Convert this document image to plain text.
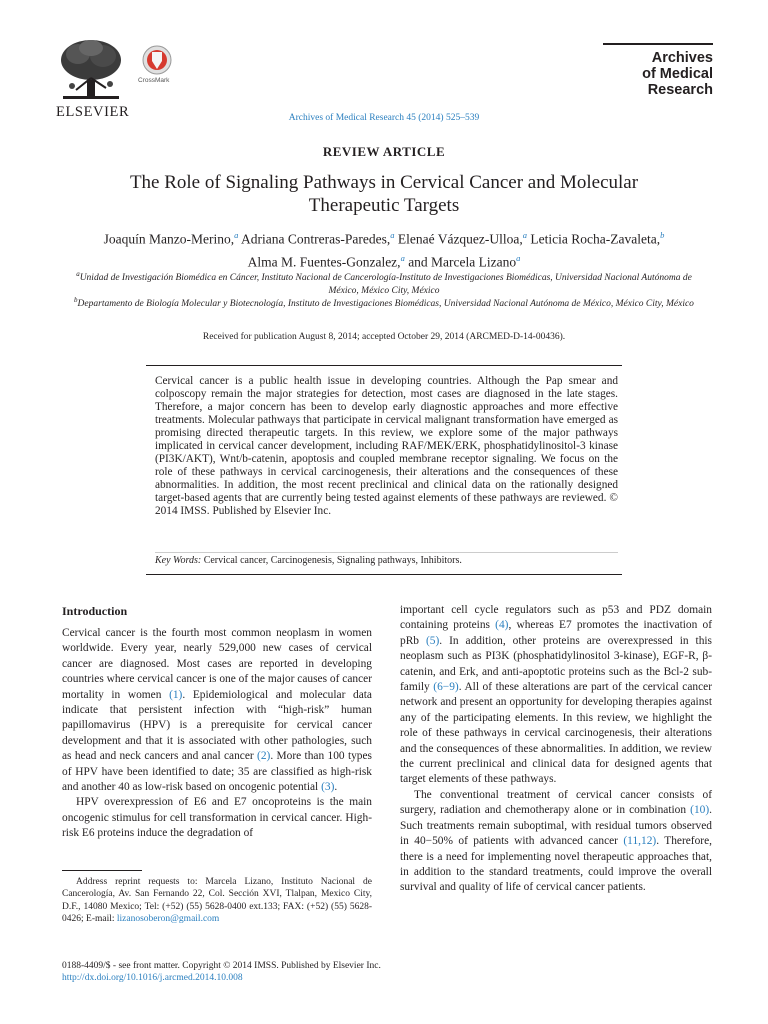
ELSEVIER
CrossMark
Archives of Medical Research 45 (2014) 525–539
Archives
of Medical
Research
REVIEW ARTICLE
The Role of Signaling Pathways in Cervical Cancer and Molecular
Therapeutic Targets
Joaquín Manzo-Merino,$^a$ Adriana Contreras-Paredes,$^a$ Elenaé Vázquez-Ulloa,$^a$ Leticia Rocha-Zavaleta,$^b$
Alma M. Fuentes-Gonzalez,$^a$ and Marcela Lizano$^a$
$^a$Unidad de Investigación Biomédica en Cáncer, Instituto Nacional de Cancerología-Instituto de Investigaciones Biomédicas, Universidad Nacional Autónoma de México, México City, México
$^b$Departamento de Biología Molecular y Biotecnología, Instituto de Investigaciones Biomédicas, Universidad Nacional Autónoma de México, México City, México
Received for publication August 8, 2014; accepted October 29, 2014 (ARCMED-D-14-00436).
Cervical cancer is a public health issue in developing countries. Although the Pap smear and colposcopy remain the major strategies for detection, most cases are diagnosed in the late stages. Therefore, a major concern has been to develop early diagnostic approaches and more effective treatments. Molecular pathways that participate in cervical malignant transformation have emerged as promising directed therapeutic targets. In this review, we explore some of the major pathways implicated in cervical cancer development, including RAF/MEK/ERK, phosphatidylinositol-3 kinase (PI3K/AKT), Wnt/b-catenin, apoptosis and coupled membrane receptor signaling. We focus on the role of these pathways in cervical carcinogenesis, their alterations and the consequences of these abnormalities. In addition, the most recent preclinical and clinical data on the rationally designed target-based agents that are currently being tested against elements of these pathways are reviewed. © 2014 IMSS. Published by Elsevier Inc.
Key Words: Cervical cancer, Carcinogenesis, Signaling pathways, Inhibitors.
Introduction

Cervical cancer is the fourth most common neoplasm in women worldwide. Every year, nearly 529,000 new cases of cervical cancer are diagnosed. Most cases are reported in developing countries where cervical cancer is one of the major causes of cancer mortality in women (1). Epidemiological and molecular data indicate that persistent infection with “high-risk” human papillomavirus (HPV) is a prerequisite for cervical cancer development and that it is associated with other pathologies, such as head and neck cancers and anal cancer (2). More than 100 types of HPV have been identified to date; 35 are classified as high-risk and another 40 as low-risk based on oncogenic potential (3).

HPV overexpression of E6 and E7 oncoproteins is the main oncogenic stimulus for cell transformation in cervical cancer. High-risk E6 proteins induce the degradation of

important cell cycle regulators such as p53 and PDZ domain containing proteins (4), whereas E7 promotes the inactivation of pRb (5). In addition, other proteins are overexpressed in this neoplasm such as PI3K (phosphatidylinositol 3-kinase), EGF-R, β-catenin, and Erk, and anti-apoptotic proteins such as the Bcl-2 sub-family (6−9). All of these alterations are part of the cervical cancer network and present an opportunity for developing therapies against any of the participating elements. In this review, we highlight the role of these pathways in cervical carcinogenesis, their alterations and the consequences of these abnormalities. In addition, we review the current preclinical and clinical data for designed agents that target elements of these pathways.

The conventional treatment of cervical cancer consists of surgery, radiation and chemotherapy alone or in combination (10). Such treatments remain suboptimal, with residual tumors observed in 40−50% of patients with advanced cancer (11,12). Therefore, there is a need for implementing novel therapeutic approaches that, in addition to the standard treatments, could improve the overall survival and quality of life of cervical cancer patients.

Address reprint requests to: Marcela Lizano, Instituto Nacional de Cancerología, Av. San Fernando 22, Col. Sección XVI, Tlalpan, Mexico City, D.F., 14080 Mexico; Tel: (+52) (55) 5628-0400 ext.133; FAX: (+52) (55) 5628-0426; E-mail: lizanosoberon@gmail.com
0188-4409/$ - see front matter. Copyright © 2014 IMSS. Published by Elsevier Inc.
http://dx.doi.org/10.1016/j.arcmed.2014.10.008
